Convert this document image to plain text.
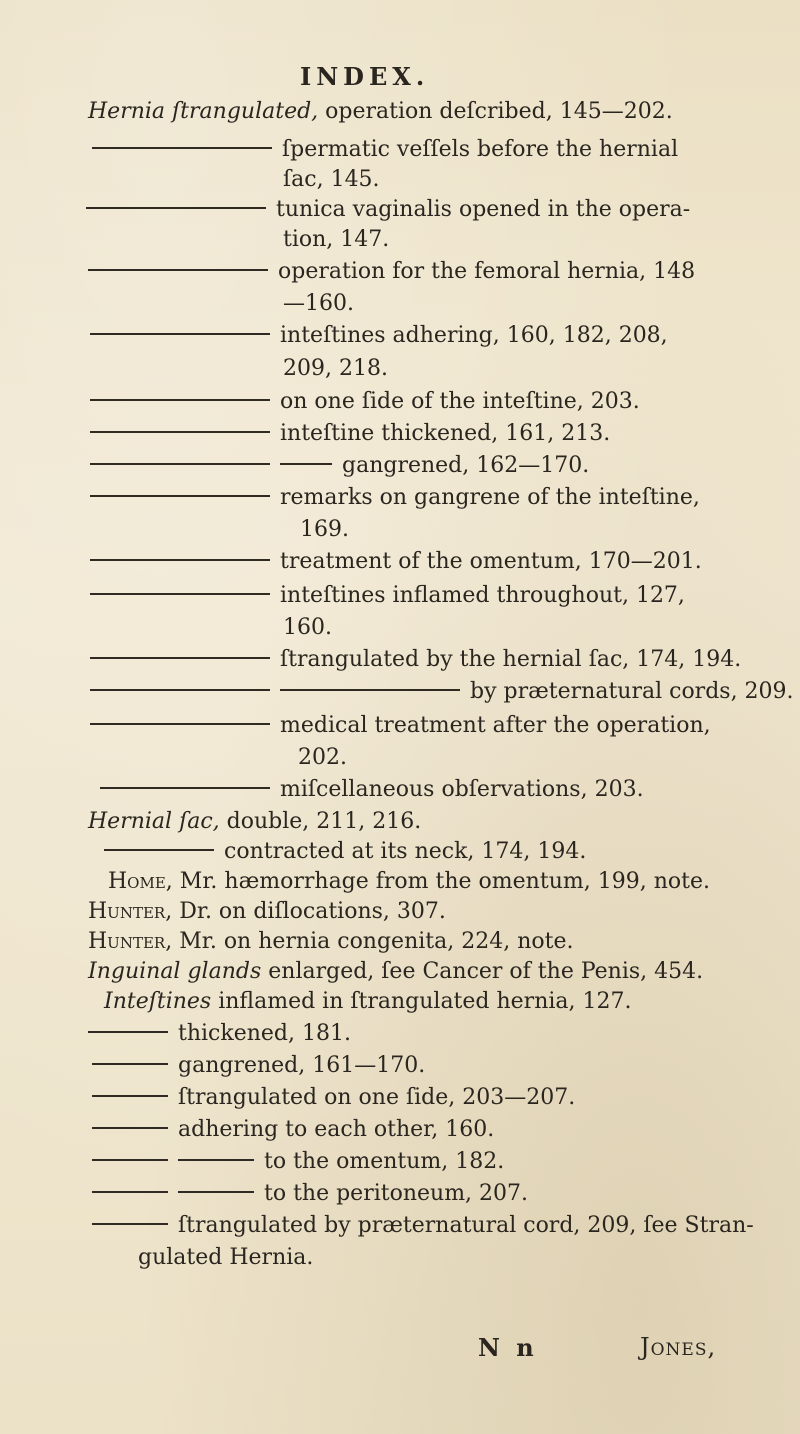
INDEX.
Hernia ſtrangulated, operation deſcribed, 145—202.
ſpermatic veſſels before the hernial
ſac, 145.
tunica vaginalis opened in the opera-
tion, 147.
operation for the femoral hernia, 148
—160.
inteſtines adhering, 160, 182, 208,
209, 218.
on one ſide of the inteſtine, 203.
inteſtine thickened, 161, 213.
gangrened, 162—170.
remarks on gangrene of the inteſtine,
169.
treatment of the omentum, 170—201.
inteſtines inflamed throughout, 127,
160.
ſtrangulated by the hernial ſac, 174, 194.
by præternatural cords, 209.
medical treatment after the operation,
202.
miſcellaneous obſervations, 203.
Hernial ſac, double, 211, 216.
contracted at its neck, 174, 194.
Home, Mr. hæmorrhage from the omentum, 199, note.
Hunter, Dr. on diſlocations, 307.
Hunter, Mr. on hernia congenita, 224, note.
Inguinal glands enlarged, ſee Cancer of the Penis, 454.
Inteſtines inflamed in ſtrangulated hernia, 127.
thickened, 181.
gangrened, 161—170.
ſtrangulated on one ſide, 203—207.
adhering to each other, 160.
to the omentum, 182.
to the peritoneum, 207.
ſtrangulated by præternatural cord, 209, ſee Stran-
gulated Hernia.
N n	Jones,
